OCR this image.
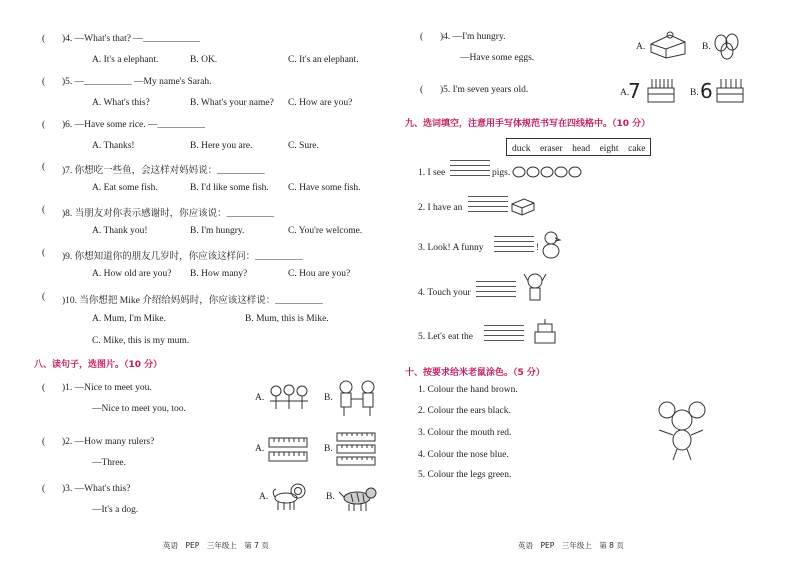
( )4. —What's that? —____________
A. It's a elephant.	B. OK.	C. It's an elephant.
( )5. —__________ —My name's Sarah.
A. What's this?	B. What's your name? C. How are you?
( )6. —Have some rice. —__________
A. Thanks!	B. Here you are.	C. Sure.
( )7. 你想吃一些鱼，会这样对妈妈说：__________
A. Eat some fish.	B. I'd like some fish. C. Have some fish.
( )8. 当朋友对你表示感谢时，你应该说：__________
A. Thank you!	B. I'm hungry.	C. You're welcome.
( )9. 你想知道你的朋友几岁时，你应该这样问：__________
A. How old are you? B. How many?	C. Hou are you?
( )10. 当你想把 Mike 介绍给妈妈时，你应该这样说：__________
A. Mum, I'm Mike.	B. Mum, this is Mike.
C. Mike, this is my mum.
八、读句子，选图片。（10 分）
( )1. —Nice to meet you.
—Nice to meet you, too.
( )2. —How many rulers?
—Three.
( )3. —What's this?
—It's a dog.
A.	B.
A.	B.
A.	B.
英语　PEP　三年级上　第 7 页
( )4. —I'm hungry.
—Have some eggs.
( )5. I'm seven years old.
A.	B.
A.
7	B. 6
九、选词填空，注意用手写体规范书写在四线格中。（10 分）
duck　eraser　head　eight　cake
1. I see	pigs.
2. I have an
3. Look! A funny	!
4. Touch your
5. Let's eat the
十、按要求给米老鼠涂色。（5 分）
1. Colour the hand brown.
2. Colour the ears black.
3. Colour the mouth red.
4. Colour the nose blue.
5. Colour the legs green.
英语　PEP　三年级上　第 8 页
